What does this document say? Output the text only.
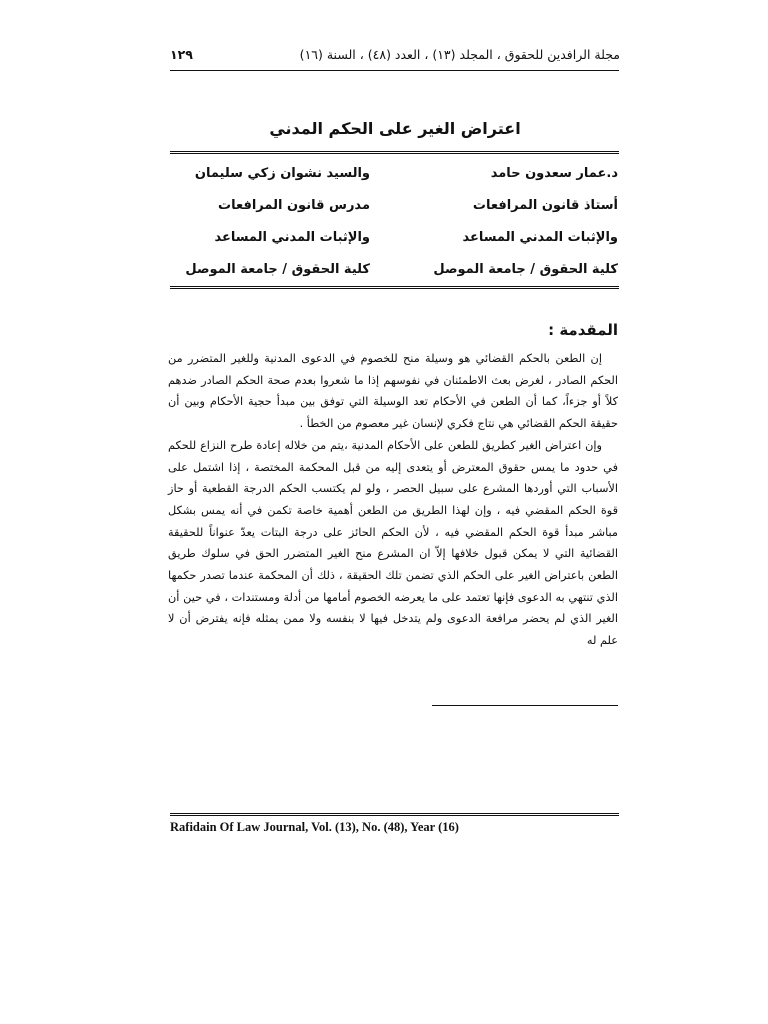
مجلة الرافدين للحقوق ، المجلد (١٣) ، العدد (٤٨) ، السنة (١٦)
١٢٩
اعتراض الغير على الحكم المدني
د.عمار سعدون حامد
أستاذ قانون المرافعات
والإثبات المدني المساعد
كلية الحقوق / جامعة الموصل
والسيد نشوان زكي سليمان
مدرس قانون المرافعات
والإثبات المدني المساعد
كلية الحقوق / جامعة الموصل
المقدمة :

إن الطعن بالحكم القضائي هو وسيلة منح للخصوم في الدعوى المدنية وللغير المتضرر من الحكم الصادر ، لغرض بعث الاطمئنان في نفوسهم إذا ما شعروا بعدم صحة الحكم الصادر ضدهم كلاً أو جزءاً، كما أن الطعن في الأحكام تعد الوسيلة التي توفق بين مبدأ حجية الأحكام وبين أن حقيقة الحكم القضائي هي نتاج فكري لإنسان غير معصوم من الخطأ .

وإن اعتراض الغير كطريق للطعن على الأحكام المدنية ،يتم من خلاله إعادة طرح النزاع للحكم في حدود ما يمس حقوق المعترض أو يتعدى إليه من قبل المحكمة المختصة ، إذا اشتمل على الأسباب التي أوردها المشرع على سبيل الحصر ، ولو لم يكتسب الحكم الدرجة القطعية أو حاز قوة الحكم المقضي فيه ، وإن لهذا الطريق من الطعن أهمية خاصة تكمن في أنه يمس بشكل مباشر مبدأ قوة الحكم المقضي فيه ، لأن الحكم الحائز على درجة البتات يعدّ عنواناً للحقيقة القضائية التي لا يمكن قبول خلافها إلاّ ان المشرع منح الغير المتضرر الحق في سلوك طريق الطعن باعتراض الغير على الحكم الذي تضمن تلك الحقيقة ، ذلك أن المحكمة عندما تصدر حكمها الذي تنتهي به الدعوى فإنها تعتمد على ما يعرضه الخصوم أمامها من أدلة ومستندات ، في حين أن الغير الذي لم يحضر مرافعة الدعوى ولم يتدخل فيها لا بنفسه ولا ممن يمثله فإنه يفترض أن لا علم له

Rafidain Of Law Journal, Vol. (13), No. (48), Year (16)
